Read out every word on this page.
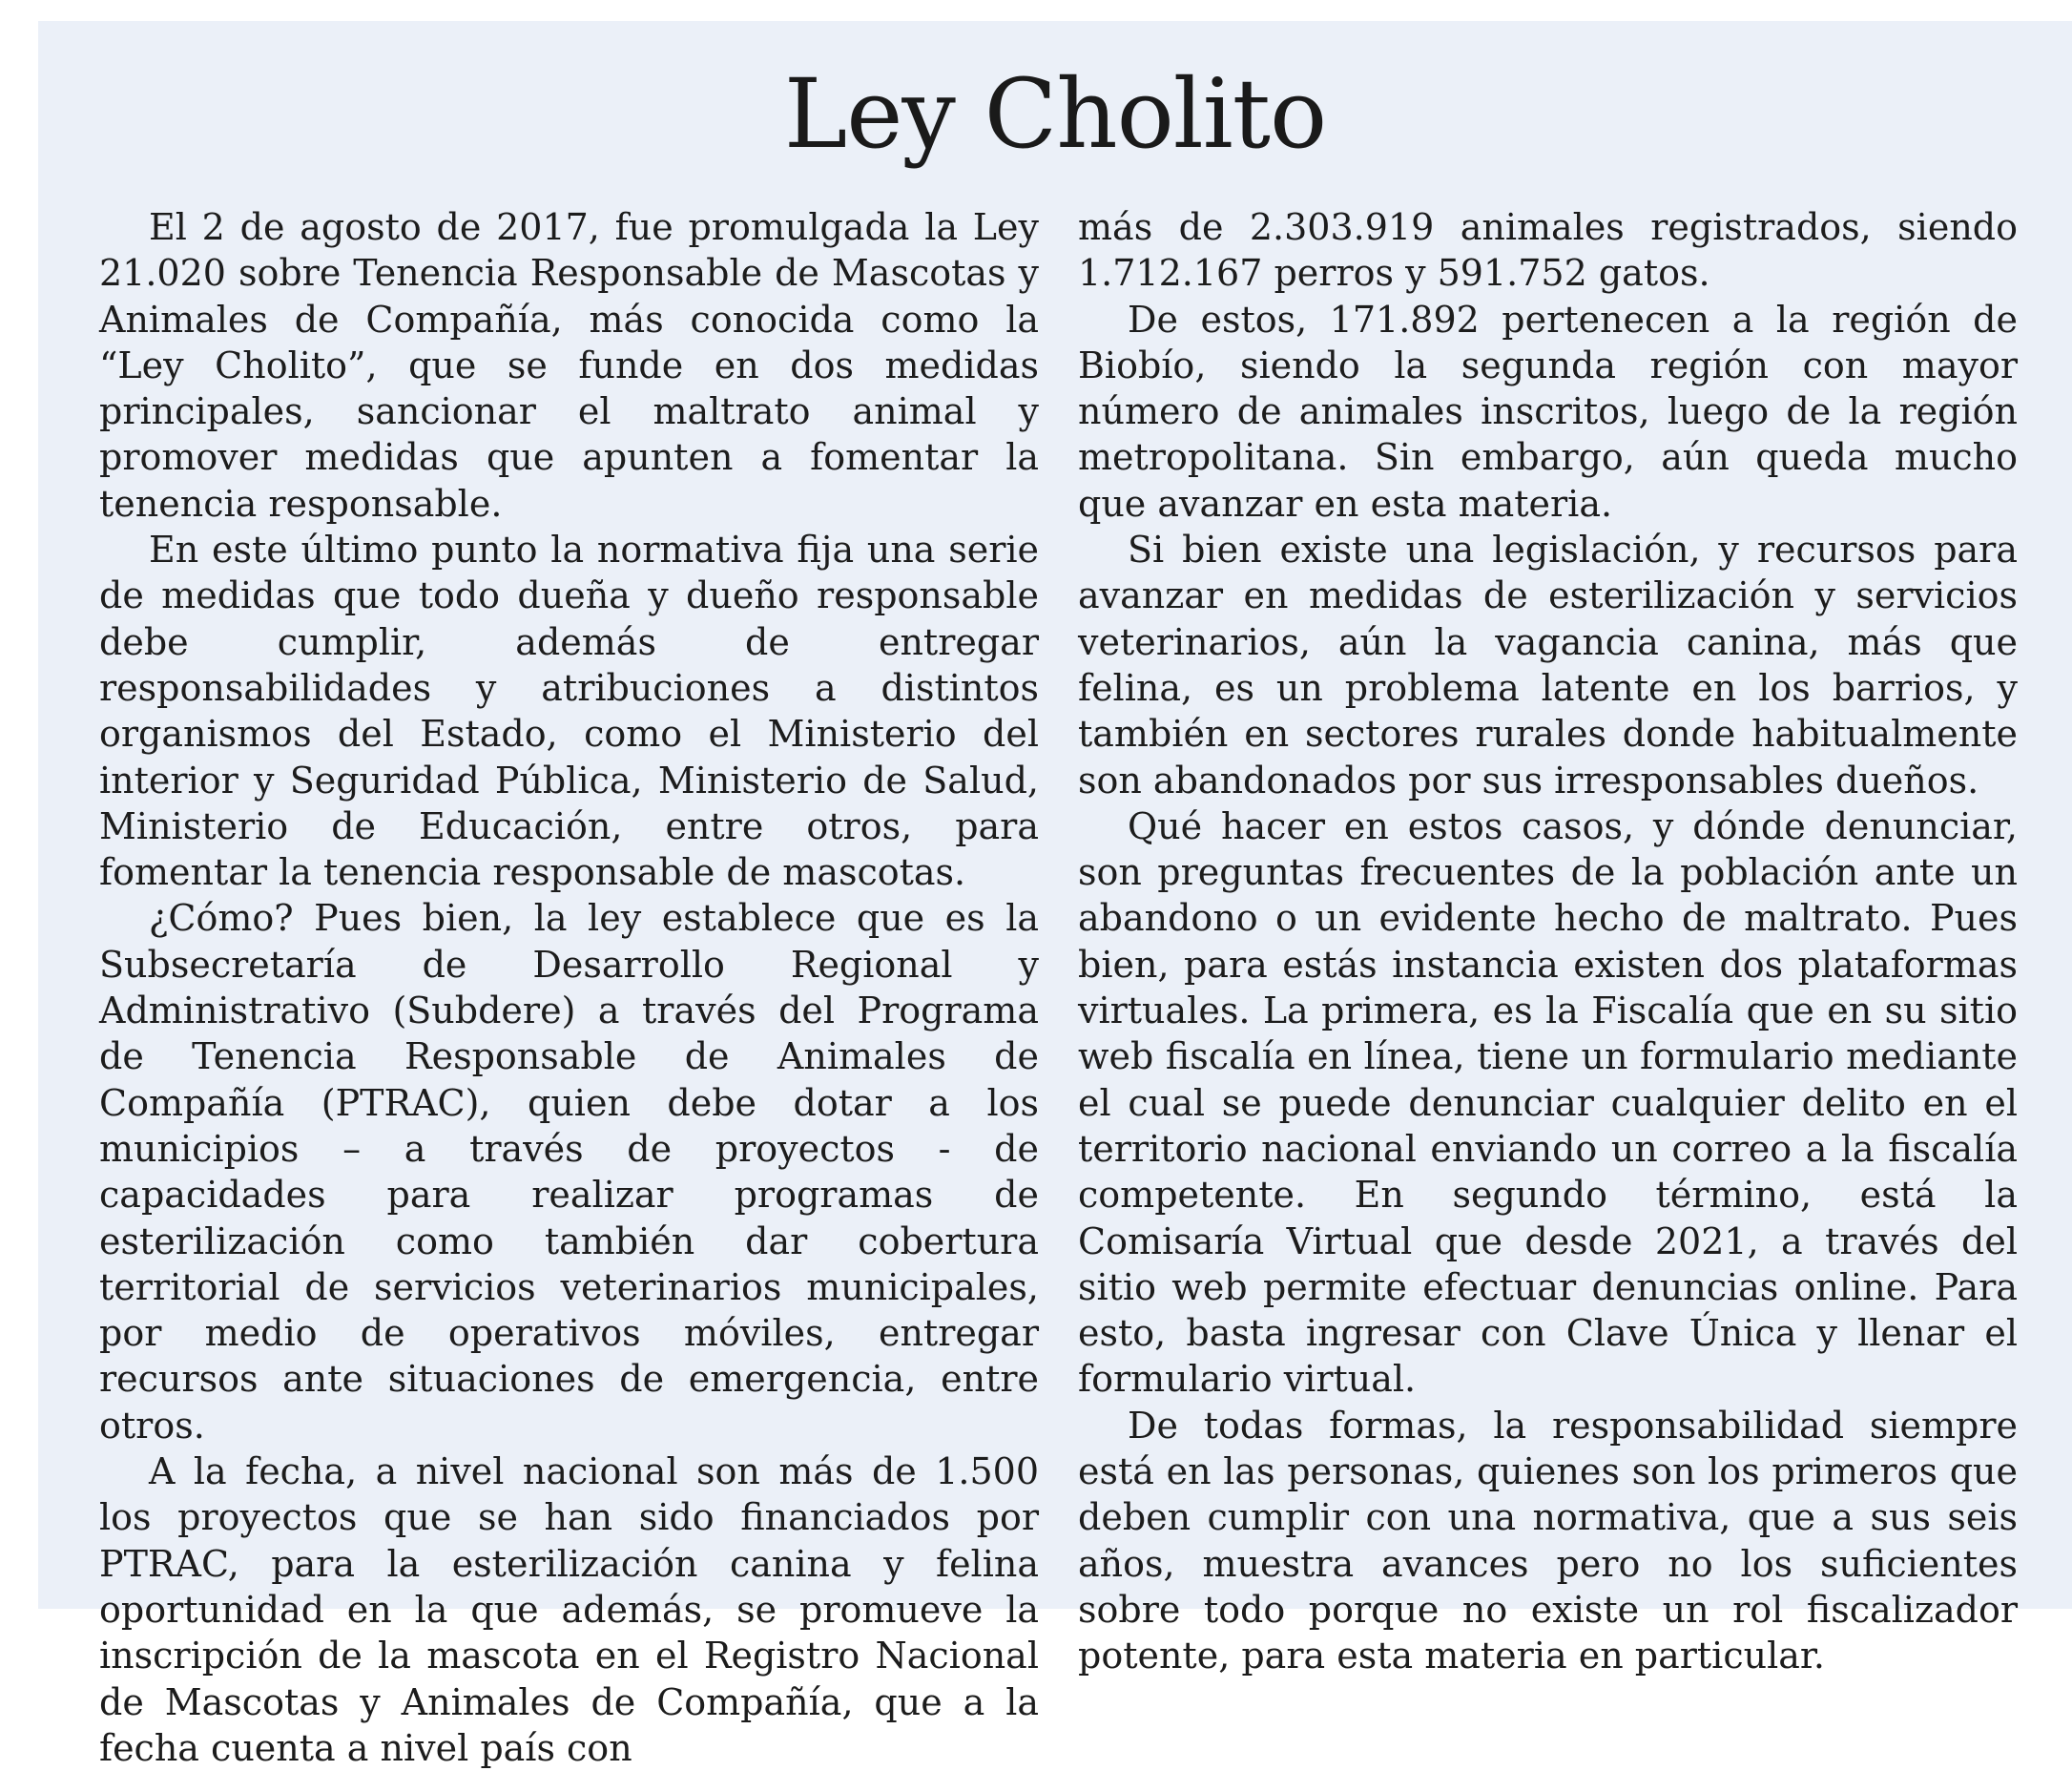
Ley Cholito

El 2 de agosto de 2017, fue promulgada la Ley 21.020 sobre Tenencia Responsable de Mascotas y Animales de Compañía, más conocida como la “Ley Cholito”, que se funde en dos medidas principales, sancionar el maltrato animal y promover medidas que apunten a fomentar la tenencia responsable.

En este último punto la normativa fija una serie de medidas que todo dueña y dueño responsable debe cumplir, además de entregar responsabilidades y atribuciones a distintos organismos del Estado, como el Ministerio del interior y Seguridad Pública, Ministerio de Salud, Ministerio de Educación, entre otros, para fomentar la tenencia responsable de mascotas.

¿Cómo? Pues bien, la ley establece que es la Subsecretaría de Desarrollo Regional y Administrativo (Subdere) a través del Programa de Tenencia Responsable de Animales de Compañía (PTRAC), quien debe dotar a los municipios – a través de proyectos - de capacidades para realizar programas de esterilización como también dar cobertura territorial de servicios veterinarios municipales, por medio de operativos móviles, entregar recursos ante situaciones de emergencia, entre otros.

A la fecha, a nivel nacional son más de 1.500 los proyectos que se han sido financiados por PTRAC, para la esterilización canina y felina oportunidad en la que además, se promueve la inscripción de la mascota en el Registro Nacional de Mascotas y Animales de Compañía, que a la fecha cuenta a nivel país con

más de 2.303.919 animales registrados, siendo 1.712.167 perros y 591.752 gatos.

De estos, 171.892 pertenecen a la región de Biobío, siendo la segunda región con mayor número de animales inscritos, luego de la región metropolitana. Sin embargo, aún queda mucho que avanzar en esta materia.

Si bien existe una legislación, y recursos para avanzar en medidas de esterilización y servicios veterinarios, aún la vagancia canina, más que felina, es un problema latente en los barrios, y también en sectores rurales donde habitualmente son abandonados por sus irresponsables dueños.

Qué hacer en estos casos, y dónde denunciar, son preguntas frecuentes de la población ante un abandono o un evidente hecho de maltrato. Pues bien, para estás instancia existen dos plataformas virtuales. La primera, es la Fiscalía que en su sitio web fiscalía en línea, tiene un formulario mediante el cual se puede denunciar cualquier delito en el territorio nacional enviando un correo a la fiscalía competente. En segundo término, está la Comisaría Virtual que desde 2021, a través del sitio web permite efectuar denuncias online. Para esto, basta ingresar con Clave Única y llenar el formulario virtual.

De todas formas, la responsabilidad siempre está en las personas, quienes son los primeros que deben cumplir con una normativa, que a sus seis años, muestra avances pero no los suficientes sobre todo porque no existe un rol fiscalizador potente, para esta materia en particular.
